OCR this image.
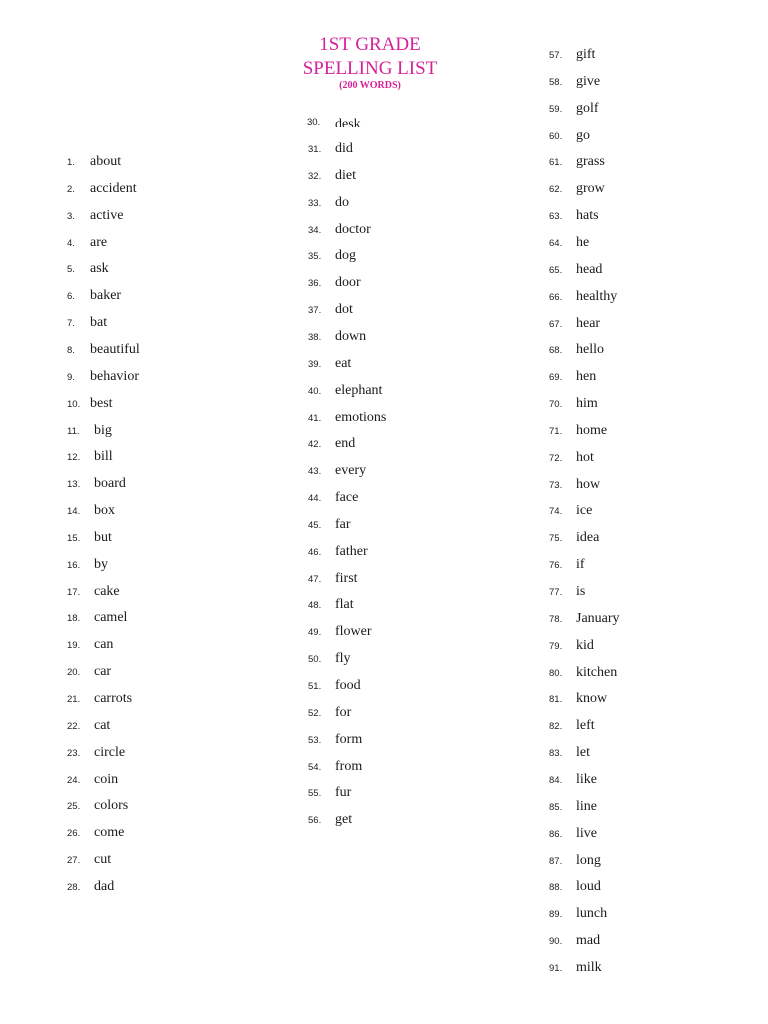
1ST GRADE
SPELLING LIST
(200 WORDS)
30. desk
1. about
2. accident
3. active
4. are
5. ask
6. baker
7. bat
8. beautiful
9. behavior
10. best
11. big
12. bill
13. board
14. box
15. but
16. by
17. cake
18. camel
19. can
20. car
21. carrots
22. cat
23. circle
24. coin
25. colors
26. come
27. cut
28. dad
31. did
32. diet
33. do
34. doctor
35. dog
36. door
37. dot
38. down
39. eat
40. elephant
41. emotions
42. end
43. every
44. face
45. far
46. father
47. first
48. flat
49. flower
50. fly
51. food
52. for
53. form
54. from
55. fur
56. get
57. gift
58. give
59. golf
60. go
61. grass
62. grow
63. hats
64. he
65. head
66. healthy
67. hear
68. hello
69. hen
70. him
71. home
72. hot
73. how
74. ice
75. idea
76. if
77. is
78. January
79. kid
80. kitchen
81. know
82. left
83. let
84. like
85. line
86. live
87. long
88. loud
89. lunch
90. mad
91. milk
